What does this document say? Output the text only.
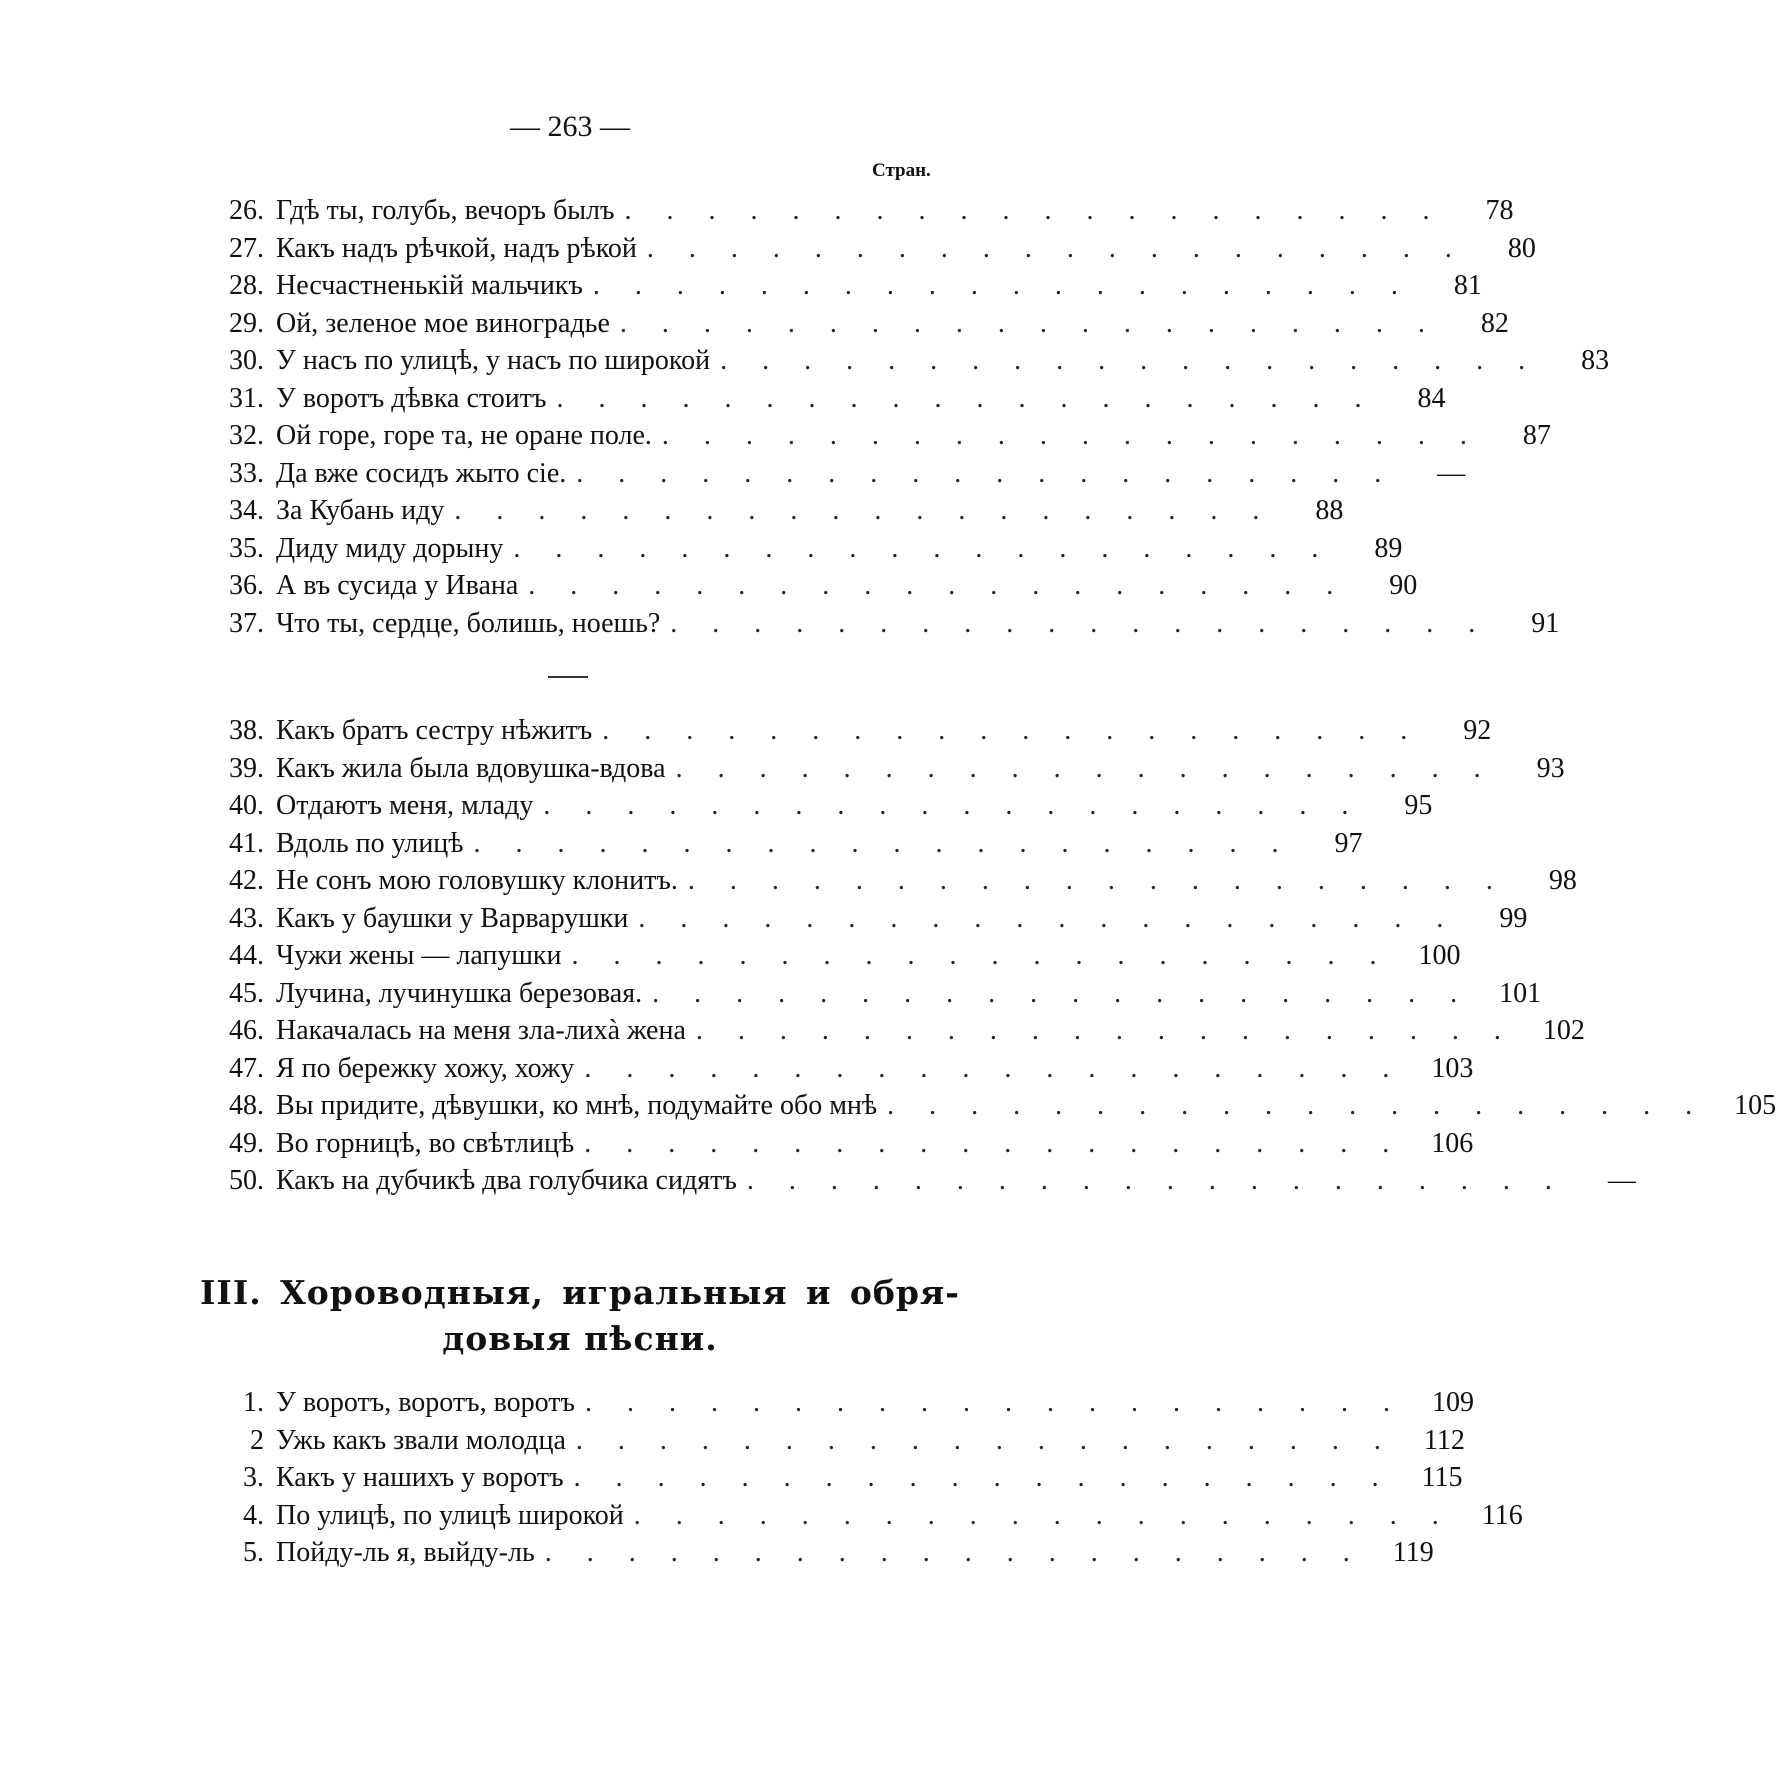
— 263 —
Стран.
26. Гдѣ ты, голубь, вечоръ былъ . . . . . . . . . . . . . . . . . . . .	78
27. Какъ надъ рѣчкой, надъ рѣкой . . . . . . . . . . . . . . . . . . . .	80
28. Несчастненькій мальчикъ . . . . . . . . . . . . . . . . . . . .	81
29. Ой, зеленое мое виноградье . . . . . . . . . . . . . . . . . . . .	82
30. У насъ по улицѣ, у насъ по широкой . . . . . . . . . . . . . . . . . . . .	83
31. У воротъ дѣвка стоитъ . . . . . . . . . . . . . . . . . . . .	84
32. Ой горе, горе та, не оране поле. . . . . . . . . . . . . . . . . . . . .	87
33. Да вже сосидъ жыто сіе. . . . . . . . . . . . . . . . . . . . .	—
34. За Кубань иду . . . . . . . . . . . . . . . . . . . .	88
35. Диду миду дорыну . . . . . . . . . . . . . . . . . . . .	89
36. А въ сусида у Ивана . . . . . . . . . . . . . . . . . . . .	90
37. Что ты, сердце, болишь, ноешь? . . . . . . . . . . . . . . . . . . . .	91
38. Какъ братъ сестру нѣжитъ . . . . . . . . . . . . . . . . . . . .	92
39. Какъ жила была вдовушка-вдова . . . . . . . . . . . . . . . . . . . .	93
40. Отдаютъ меня, младу . . . . . . . . . . . . . . . . . . . .	95
41. Вдоль по улицѣ . . . . . . . . . . . . . . . . . . . .	97
42. Не сонъ мою головушку клонитъ. . . . . . . . . . . . . . . . . . . . .	98
43. Какъ у баушки у Варварушки . . . . . . . . . . . . . . . . . . . .	99
44. Чужи жены — лапушки . . . . . . . . . . . . . . . . . . . .	100
45. Лучина, лучинушка березовая. . . . . . . . . . . . . . . . . . . . .	101
46. Накачалась на меня зла-лихà жена . . . . . . . . . . . . . . . . . . . .	102
47. Я по бережку хожу, хожу . . . . . . . . . . . . . . . . . . . .	103
48. Вы придите, дѣвушки, ко мнѣ, подумайте обо мнѣ . . . . . . . . . . . . . . . . . . . .	105
49. Во горницѣ, во свѣтлицѣ . . . . . . . . . . . . . . . . . . . .	106
50. Какъ на дубчикѣ два голубчика сидятъ . . . . . . . . . . . . . . . . . . . .	—
III. Хороводныя, игральныя и обря-
довыя пѣсни.
1. У воротъ, воротъ, воротъ . . . . . . . . . . . . . . . . . . . .	109
2 Ужь какъ звали молодца . . . . . . . . . . . . . . . . . . . .	112
3. Какъ у нашихъ у воротъ . . . . . . . . . . . . . . . . . . . .	115
4. По улицѣ, по улицѣ широкой . . . . . . . . . . . . . . . . . . . .	116
5. Пойду-ль я, выйду-ль . . . . . . . . . . . . . . . . . . . .	119
